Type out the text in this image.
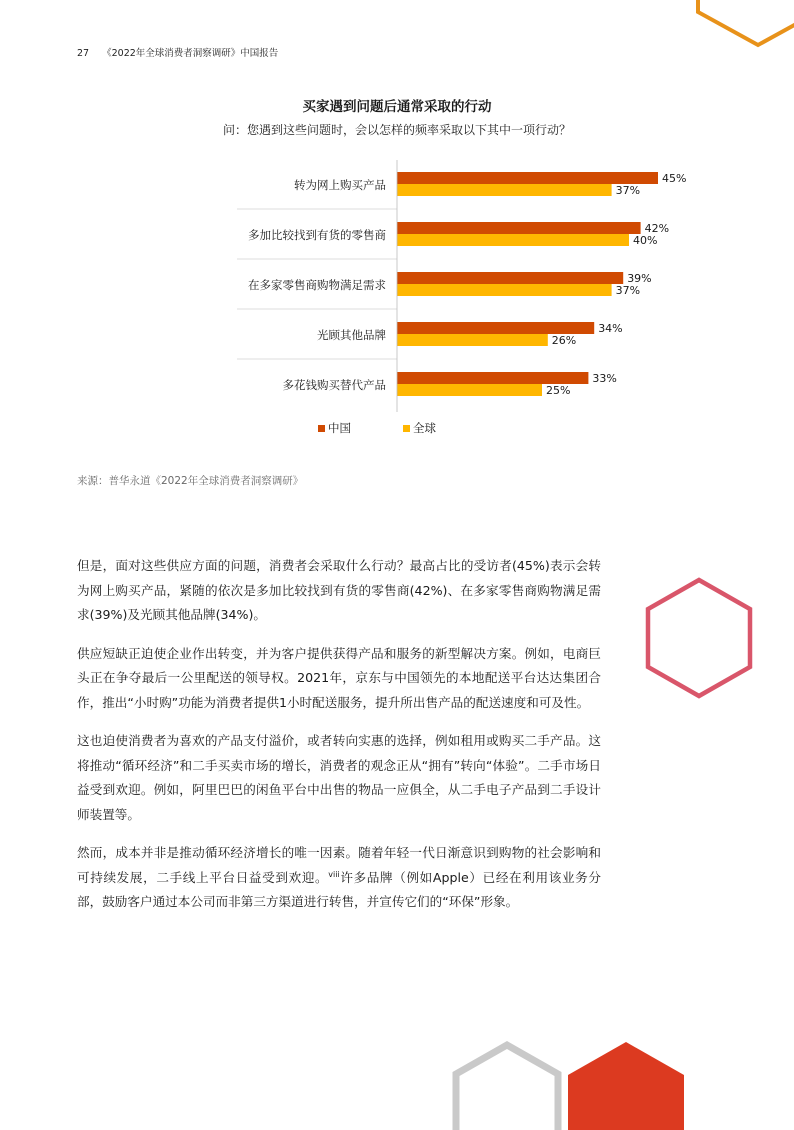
27 《2022年全球消费者洞察调研》中国报告
买家遇到问题后通常采取的行动
问：您遇到这些问题时，会以怎样的频率采取以下其中一项行动？
转为网上购买产品	45%
37%
多加比较找到有货的零售商	42%
40%
在多家零售商购物满足需求	39%
37%
光顾其他品牌	34%
26%
多花钱购买替代产品	33%
25%
中国	全球
来源：普华永道《2022年全球消费者洞察调研》

但是，面对这些供应方面的问题，消费者会采取什么行动？最高占比的受访者(45%)表示会转为网上购买产品，紧随的依次是多加比较找到有货的零售商(42%)、在多家零售商购物满足需求(39%)及光顾其他品牌(34%)。

供应短缺正迫使企业作出转变，并为客户提供获得产品和服务的新型解决方案。例如，电商巨头正在争夺最后一公里配送的领导权。2021年，京东与中国领先的本地配送平台达达集团合作，推出“小时购”功能为消费者提供1小时配送服务，提升所出售产品的配送速度和可及性。

这也迫使消费者为喜欢的产品支付溢价，或者转向实惠的选择，例如租用或购买二手产品。这将推动“循环经济”和二手买卖市场的增长，消费者的观念正从“拥有”转向“体验”。二手市场日益受到欢迎。例如，阿里巴巴的闲鱼平台中出售的物品一应俱全，从二手电子产品到二手设计师装置等。

然而，成本并非是推动循环经济增长的唯一因素。随着年轻一代日渐意识到购物的社会影响和可持续发展，二手线上平台日益受到欢迎。$^{viii}$许多品牌（例如Apple）已经在利用该业务分部，鼓励客户通过本公司而非第三方渠道进行转售，并宣传它们的“环保”形象。
